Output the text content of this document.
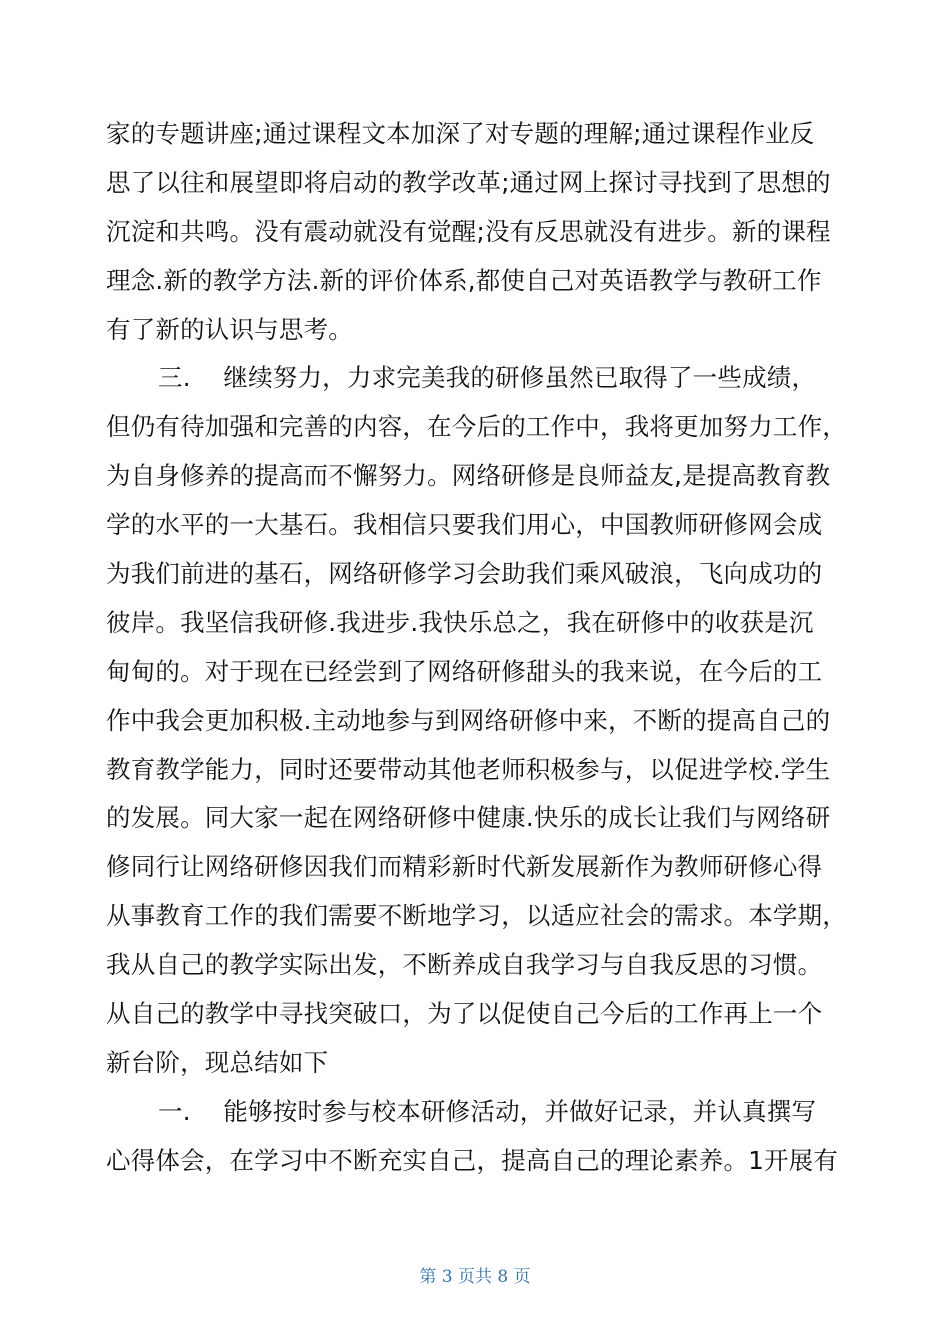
家的专题讲座;通过课程文本加深了对专题的理解;通过课程作业反
思了以往和展望即将启动的教学改革;通过网上探讨寻找到了思想的
沉淀和共鸣。没有震动就没有觉醒;没有反思就没有进步。新的课程
理念.新的教学方法.新的评价体系,都使自己对英语教学与教研工作
有了新的认识与思考。
三.　 继续努力，力求完美我的研修虽然已取得了一些成绩，
但仍有待加强和完善的内容，在今后的工作中，我将更加努力工作，
为自身修养的提高而不懈努力。网络研修是良师益友,是提高教育教
学的水平的一大基石。我相信只要我们用心，中国教师研修网会成
为我们前进的基石，网络研修学习会助我们乘风破浪，飞向成功的
彼岸。我坚信我研修.我进步.我快乐总之，我在研修中的收获是沉
甸甸的。对于现在已经尝到了网络研修甜头的我来说，在今后的工
作中我会更加积极.主动地参与到网络研修中来，不断的提高自己的
教育教学能力，同时还要带动其他老师积极参与，以促进学校.学生
的发展。同大家一起在网络研修中健康.快乐的成长让我们与网络研
修同行让网络研修因我们而精彩新时代新发展新作为教师研修心得
从事教育工作的我们需要不断地学习，以适应社会的需求。本学期，
我从自己的教学实际出发，不断养成自我学习与自我反思的习惯。
从自己的教学中寻找突破口，为了以促使自己今后的工作再上一个
新台阶，现总结如下
一.　 能够按时参与校本研修活动，并做好记录，并认真撰写
心得体会，在学习中不断充实自己，提高自己的理论素养。1开展有
第 3 页共 8 页
